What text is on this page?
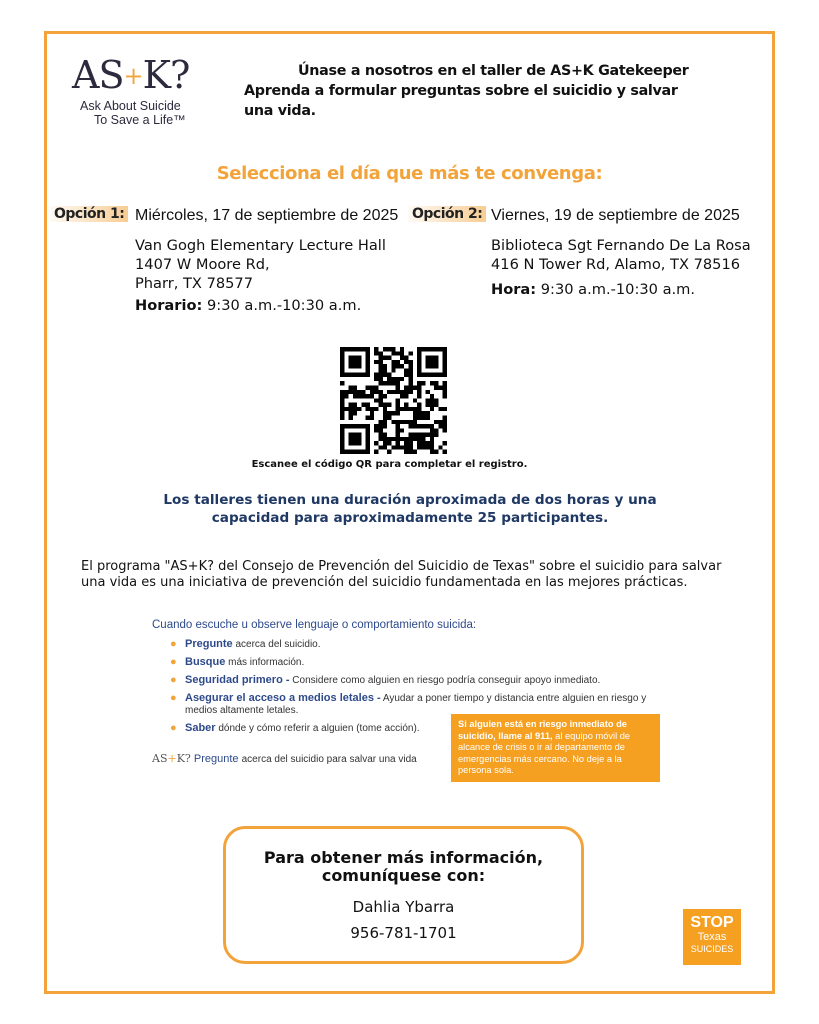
AS+K?
Ask About Suicide
To Save a Life™
Únase a nosotros en el taller de AS+K Gatekeeper
Aprenda a formular preguntas sobre el suicidio y salvar una vida.
Selecciona el día que más te convenga:
Opción 1: Miércoles, 17 de septiembre de 2025
Van Gogh Elementary Lecture Hall
1407 W Moore Rd,
Pharr, TX 78577
Horario: 9:30 a.m.-10:30 a.m.
Opción 2: Viernes, 19 de septiembre de 2025
Biblioteca Sgt Fernando De La Rosa
416 N Tower Rd, Alamo, TX 78516
Hora: 9:30 a.m.-10:30 a.m.
Escanee el código QR para completar el registro.
Los talleres tienen una duración aproximada de dos horas y una
capacidad para aproximadamente 25 participantes.
El programa "AS+K? del Consejo de Prevención del Suicidio de Texas" sobre el suicidio para salvar una vida es una iniciativa de prevención del suicidio fundamentada en las mejores prácticas.
Cuando escuche u observe lenguaje o comportamiento suicida:
● Pregunte acerca del suicidio.
● Busque más información.
● Seguridad primero - Considere como alguien en riesgo podría conseguir apoyo inmediato.
● Asegurar el acceso a medios letales - Ayudar a poner tiempo y distancia entre alguien en riesgo y medios altamente letales.
● Saber dónde y cómo referir a alguien (tome acción).
AS+K? Pregunte acerca del suicidio para salvar una vida
Si alguien está en riesgo inmediato de suicidio, llame al 911, al equipo móvil de alcance de crisis o ir al departamento de emergencias más cercano. No deje a la persona sola.
Para obtener más información,
comuníquese con:
Dahlia Ybarra
956-781-1701
STOP
Texas
SUICIDES
